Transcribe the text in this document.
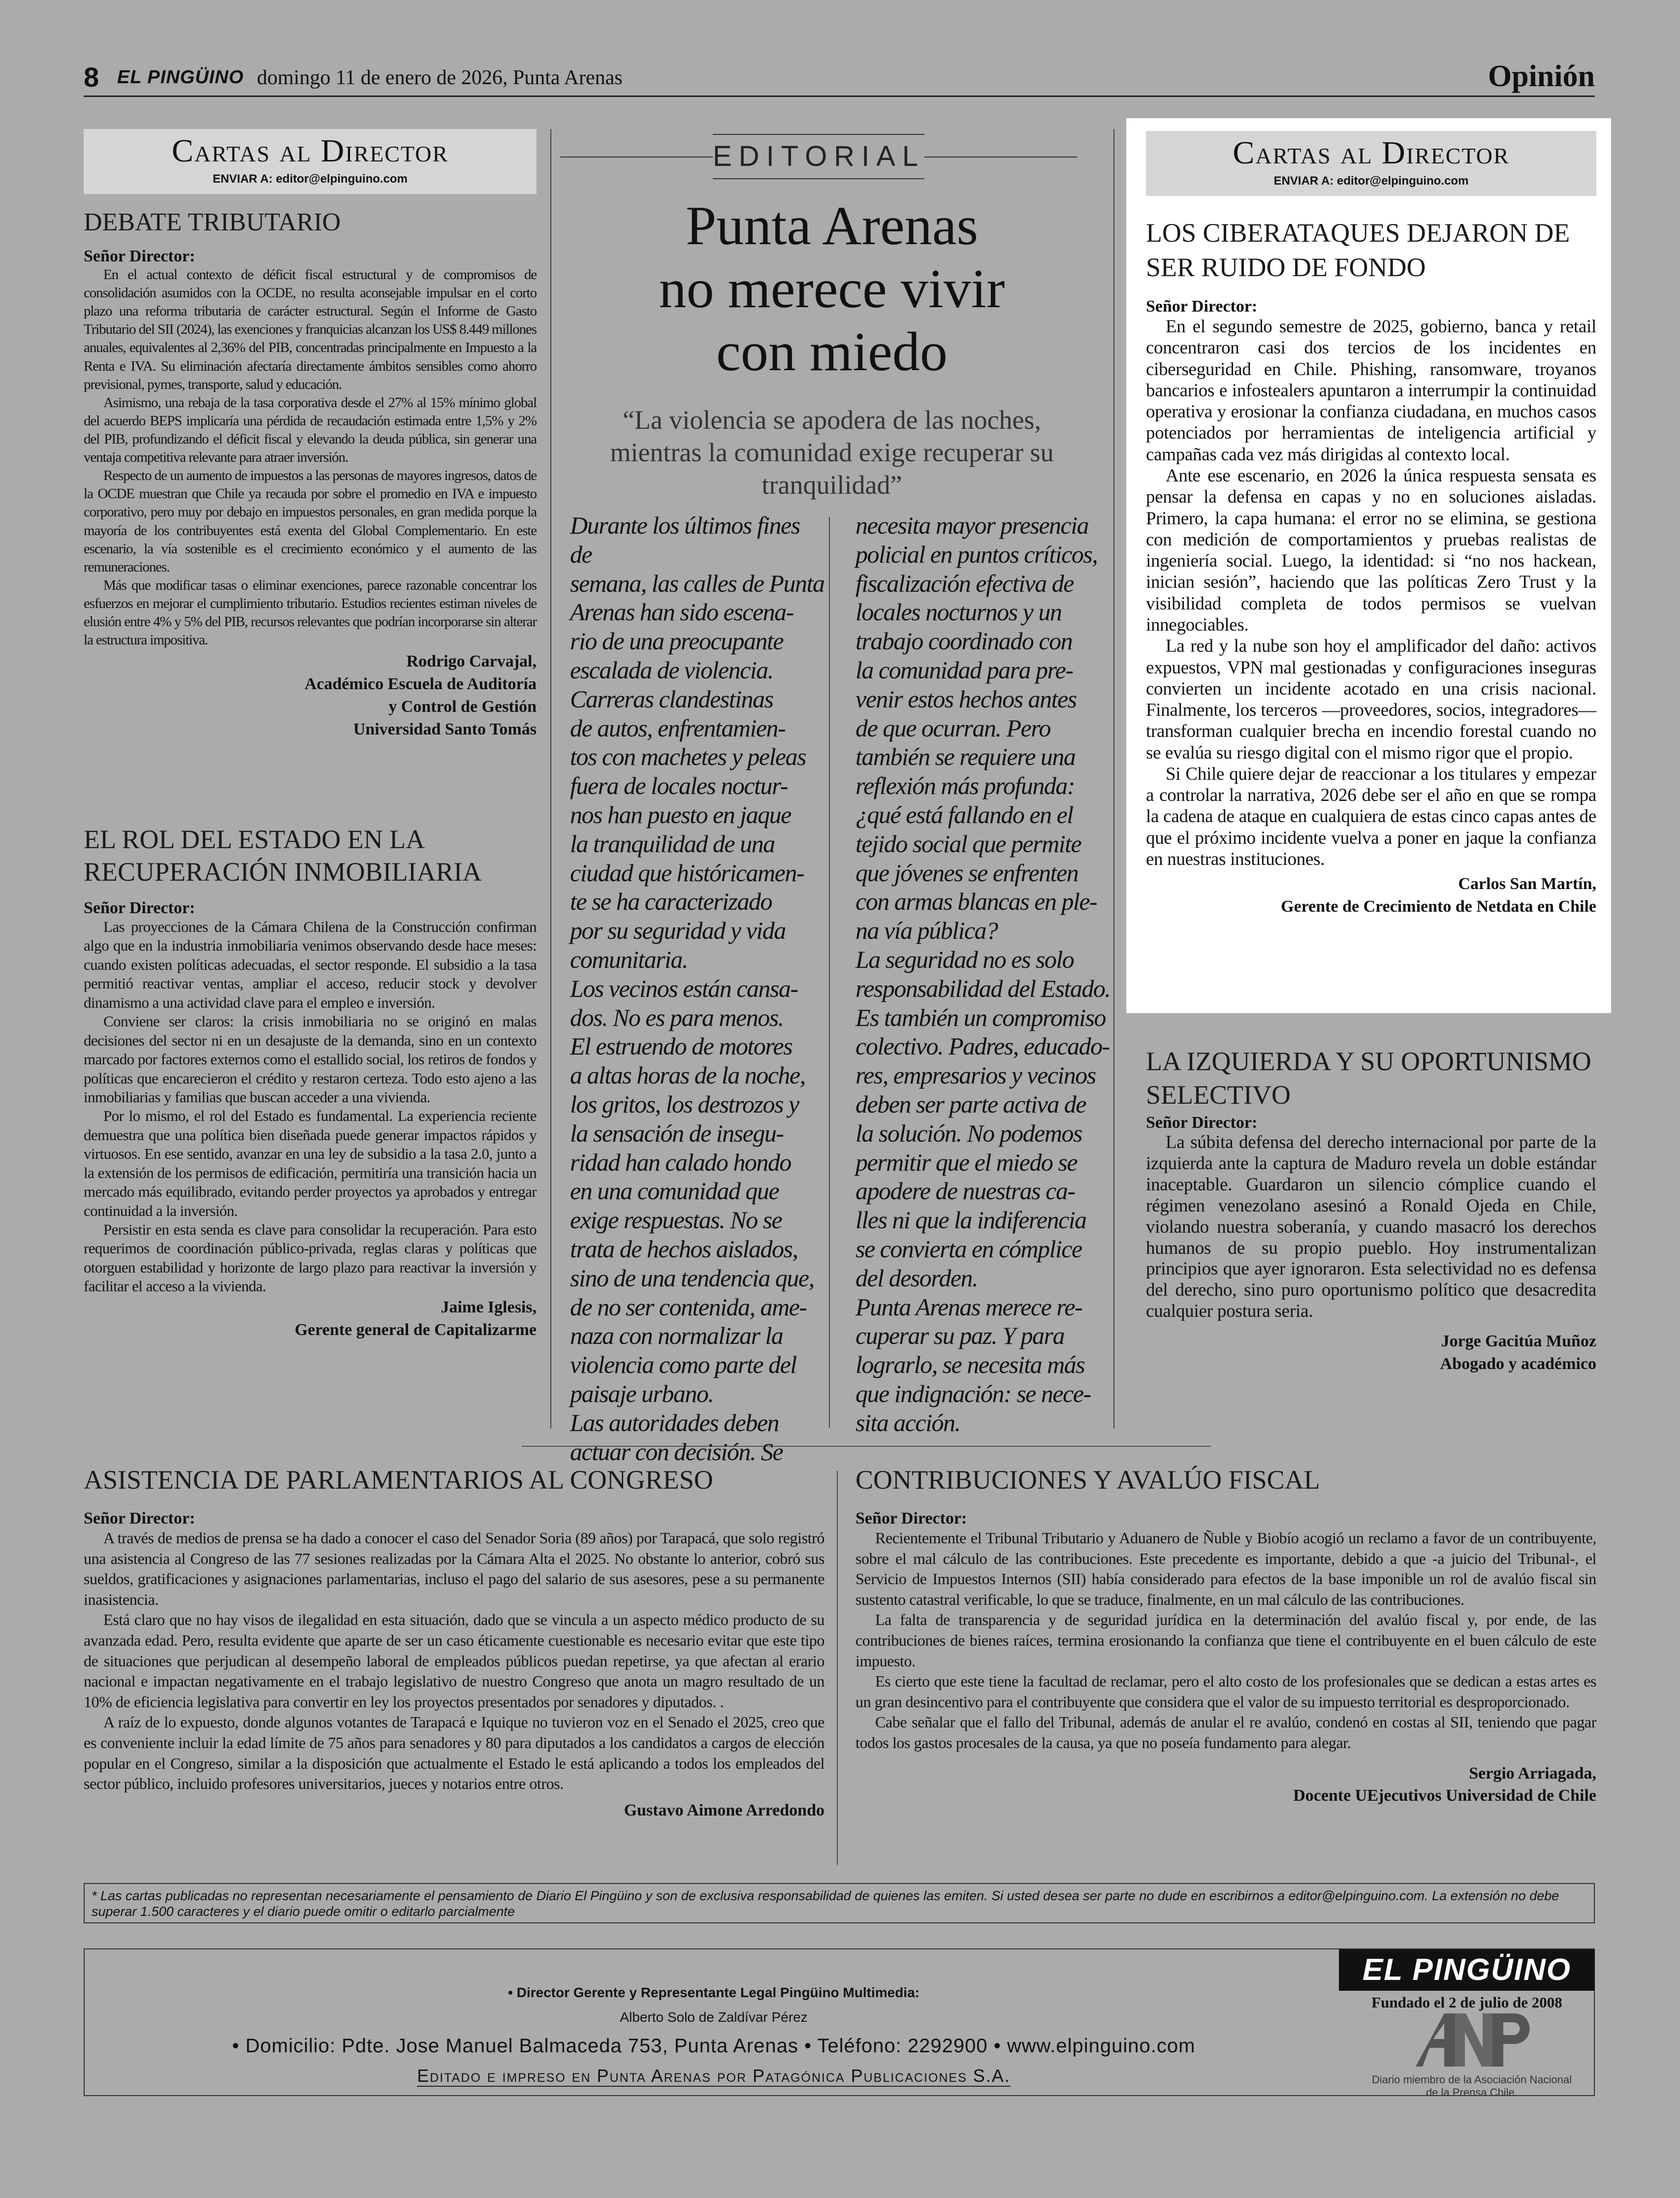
8 EL PINGÜINO domingo 11 de enero de 2026, Punta Arenas	Opinión
Cartas al Director
ENVIAR A: editor@elpinguino.com
DEBATE TRIBUTARIO
Señor Director:

En el actual contexto de déficit fiscal estructural y de compromisos de consolidación asumidos con la OCDE, no resulta aconsejable impulsar en el corto plazo una reforma tributaria de carácter estructural. Según el Informe de Gasto Tributario del SII (2024), las exenciones y franquicias alcanzan los US$ 8.449 millones anuales, equivalentes al 2,36% del PIB, concentradas principalmente en Impuesto a la Renta e IVA. Su eliminación afectaría directamente ámbitos sensibles como ahorro previsional, pymes, transporte, salud y educación.

Asimismo, una rebaja de la tasa corporativa desde el 27% al 15% mínimo global del acuerdo BEPS implicaría una pérdida de recaudación estimada entre 1,5% y 2% del PIB, profundizando el déficit fiscal y elevando la deuda pública, sin generar una ventaja competitiva relevante para atraer inversión.

Respecto de un aumento de impuestos a las personas de mayores ingresos, datos de la OCDE muestran que Chile ya recauda por sobre el promedio en IVA e impuesto corporativo, pero muy por debajo en impuestos personales, en gran medida porque la mayoría de los contribuyentes está exenta del Global Complementario. En este escenario, la vía sostenible es el crecimiento económico y el aumento de las remuneraciones.

Más que modificar tasas o eliminar exenciones, parece razonable concentrar los esfuerzos en mejorar el cumplimiento tributario. Estudios recientes estiman niveles de elusión entre 4% y 5% del PIB, recursos relevantes que podrían incorporarse sin alterar la estructura impositiva.

Rodrigo Carvajal,
Académico Escuela de Auditoría
y Control de Gestión
Universidad Santo Tomás
EL ROL DEL ESTADO EN LA RECUPERACIÓN INMOBILIARIA
Señor Director:

Las proyecciones de la Cámara Chilena de la Construcción confirman algo que en la industria inmobiliaria venimos observando desde hace meses: cuando existen políticas adecuadas, el sector responde. El subsidio a la tasa permitió reactivar ventas, ampliar el acceso, reducir stock y devolver dinamismo a una actividad clave para el empleo e inversión.

Conviene ser claros: la crisis inmobiliaria no se originó en malas decisiones del sector ni en un desajuste de la demanda, sino en un contexto marcado por factores externos como el estallido social, los retiros de fondos y políticas que encarecieron el crédito y restaron certeza. Todo esto ajeno a las inmobiliarias y familias que buscan acceder a una vivienda.

Por lo mismo, el rol del Estado es fundamental. La experiencia reciente demuestra que una política bien diseñada puede generar impactos rápidos y virtuosos. En ese sentido, avanzar en una ley de subsidio a la tasa 2.0, junto a la extensión de los permisos de edificación, permitiría una transición hacia un mercado más equilibrado, evitando perder proyectos ya aprobados y entregar continuidad a la inversión.

Persistir en esta senda es clave para consolidar la recuperación. Para esto requerimos de coordinación público-privada, reglas claras y políticas que otorguen estabilidad y horizonte de largo plazo para reactivar la inversión y facilitar el acceso a la vivienda.

Jaime Iglesis,
Gerente general de Capitalizarme
EDITORIAL
Punta Arenas
no merece vivir
con miedo
“La violencia se apodera de las noches,
mientras la comunidad exige recuperar su
tranquilidad”
Durante los últimos fines de
semana, las calles de Punta
Arenas han sido escena-
rio de una preocupante
escalada de violencia.
Carreras clandestinas
de autos, enfrentamien-
tos con machetes y peleas
fuera de locales noctur-
nos han puesto en jaque
la tranquilidad de una
ciudad que históricamen-
te se ha caracterizado
por su seguridad y vida
comunitaria.
Los vecinos están cansa-
dos. No es para menos.
El estruendo de motores
a altas horas de la noche,
los gritos, los destrozos y
la sensación de insegu-
ridad han calado hondo
en una comunidad que
exige respuestas. No se
trata de hechos aislados,
sino de una tendencia que,
de no ser contenida, ame-
naza con normalizar la
violencia como parte del
paisaje urbano.
Las autoridades deben
actuar con decisión. Se
necesita mayor presencia
policial en puntos críticos,
fiscalización efectiva de
locales nocturnos y un
trabajo coordinado con
la comunidad para pre-
venir estos hechos antes
de que ocurran. Pero
también se requiere una
reflexión más profunda:
¿qué está fallando en el
tejido social que permite
que jóvenes se enfrenten
con armas blancas en ple-
na vía pública?
La seguridad no es solo
responsabilidad del Estado.
Es también un compromiso
colectivo. Padres, educado-
res, empresarios y vecinos
deben ser parte activa de
la solución. No podemos
permitir que el miedo se
apodere de nuestras ca-
lles ni que la indiferencia
se convierta en cómplice
del desorden.
Punta Arenas merece re-
cuperar su paz. Y para
lograrlo, se necesita más
que indignación: se nece-
sita acción.
Cartas al Director
ENVIAR A: editor@elpinguino.com
LOS CIBERATAQUES DEJARON DE SER RUIDO DE FONDO
Señor Director:

En el segundo semestre de 2025, gobierno, banca y retail concentraron casi dos tercios de los incidentes en ciberseguridad en Chile. Phishing, ransomware, troyanos bancarios e infostealers apuntaron a interrumpir la continuidad operativa y erosionar la confianza ciudadana, en muchos casos potenciados por herramientas de inteligencia artificial y campañas cada vez más dirigidas al contexto local.

Ante ese escenario, en 2026 la única respuesta sensata es pensar la defensa en capas y no en soluciones aisladas. Primero, la capa humana: el error no se elimina, se gestiona con medición de comportamientos y pruebas realistas de ingeniería social. Luego, la identidad: si “no nos hackean, inician sesión”, haciendo que las políticas Zero Trust y la visibilidad completa de todos permisos se vuelvan innegociables.

La red y la nube son hoy el amplificador del daño: activos expuestos, VPN mal gestionadas y configuraciones inseguras convierten un incidente acotado en una crisis nacional. Finalmente, los terceros —proveedores, socios, integradores— transforman cualquier brecha en incendio forestal cuando no se evalúa su riesgo digital con el mismo rigor que el propio.

Si Chile quiere dejar de reaccionar a los titulares y empezar a controlar la narrativa, 2026 debe ser el año en que se rompa la cadena de ataque en cualquiera de estas cinco capas antes de que el próximo incidente vuelva a poner en jaque la confianza en nuestras instituciones.

Carlos San Martín,
Gerente de Crecimiento de Netdata en Chile
LA IZQUIERDA Y SU OPORTUNISMO SELECTIVO
Señor Director:

La súbita defensa del derecho internacional por parte de la izquierda ante la captura de Maduro revela un doble estándar inaceptable. Guardaron un silencio cómplice cuando el régimen venezolano asesinó a Ronald Ojeda en Chile, violando nuestra soberanía, y cuando masacró los derechos humanos de su propio pueblo. Hoy instrumentalizan principios que ayer ignoraron. Esta selectividad no es defensa del derecho, sino puro oportunismo político que desacredita cualquier postura seria.

Jorge Gacitúa Muñoz
Abogado y académico
ASISTENCIA DE PARLAMENTARIOS AL CONGRESO
Señor Director:

A través de medios de prensa se ha dado a conocer el caso del Senador Soria (89 años) por Tarapacá, que solo registró una asistencia al Congreso de las 77 sesiones realizadas por la Cámara Alta el 2025. No obstante lo anterior, cobró sus sueldos, gratificaciones y asignaciones parlamentarias, incluso el pago del salario de sus asesores, pese a su permanente inasistencia.

Está claro que no hay visos de ilegalidad en esta situación, dado que se vincula a un aspecto médico producto de su avanzada edad. Pero, resulta evidente que aparte de ser un caso éticamente cuestionable es necesario evitar que este tipo de situaciones que perjudican al desempeño laboral de empleados públicos puedan repetirse, ya que afectan al erario nacional e impactan negativamente en el trabajo legislativo de nuestro Congreso que anota un magro resultado de un 10% de eficiencia legislativa para convertir en ley los proyectos presentados por senadores y diputados. .

A raíz de lo expuesto, donde algunos votantes de Tarapacá e Iquique no tuvieron voz en el Senado el 2025, creo que es conveniente incluir la edad límite de 75 años para senadores y 80 para diputados a los candidatos a cargos de elección popular en el Congreso, similar a la disposición que actualmente el Estado le está aplicando a todos los empleados del sector público, incluido profesores universitarios, jueces y notarios entre otros.

Gustavo Aimone Arredondo
CONTRIBUCIONES Y AVALÚO FISCAL
Señor Director:

Recientemente el Tribunal Tributario y Aduanero de Ñuble y Biobío acogió un reclamo a favor de un contribuyente, sobre el mal cálculo de las contribuciones. Este precedente es importante, debido a que -a juicio del Tribunal-, el Servicio de Impuestos Internos (SII) había considerado para efectos de la base imponible un rol de avalúo fiscal sin sustento catastral verificable, lo que se traduce, finalmente, en un mal cálculo de las contribuciones.

La falta de transparencia y de seguridad jurídica en la determinación del avalúo fiscal y, por ende, de las contribuciones de bienes raíces, termina erosionando la confianza que tiene el contribuyente en el buen cálculo de este impuesto.

Es cierto que este tiene la facultad de reclamar, pero el alto costo de los profesionales que se dedican a estas artes es un gran desincentivo para el contribuyente que considera que el valor de su impuesto territorial es desproporcionado.

Cabe señalar que el fallo del Tribunal, además de anular el re avalúo, condenó en costas al SII, teniendo que pagar todos los gastos procesales de la causa, ya que no poseía fundamento para alegar.

Sergio Arriagada,
Docente UEjecutivos Universidad de Chile
* Las cartas publicadas no representan necesariamente el pensamiento de Diario El Pingüino y son de exclusiva responsabilidad de quienes las emiten. Si usted desea ser parte no dude en escribirnos a editor@elpinguino.com. La extensión no debe superar 1.500 caracteres y el diario puede omitir o editarlo parcialmente
• Director Gerente y Representante Legal Pingüino Multimedia:
Alberto Solo de Zaldívar Pérez
• Domicilio: Pdte. Jose Manuel Balmaceda 753, Punta Arenas • Teléfono: 2292900 • www.elpinguino.com
Editado e impreso en Punta Arenas por Patagónica Publicaciones S.A.
EL PINGÜINO
Fundado el 2 de julio de 2008
Diario miembro de la Asociación Nacional de la Prensa Chile.
